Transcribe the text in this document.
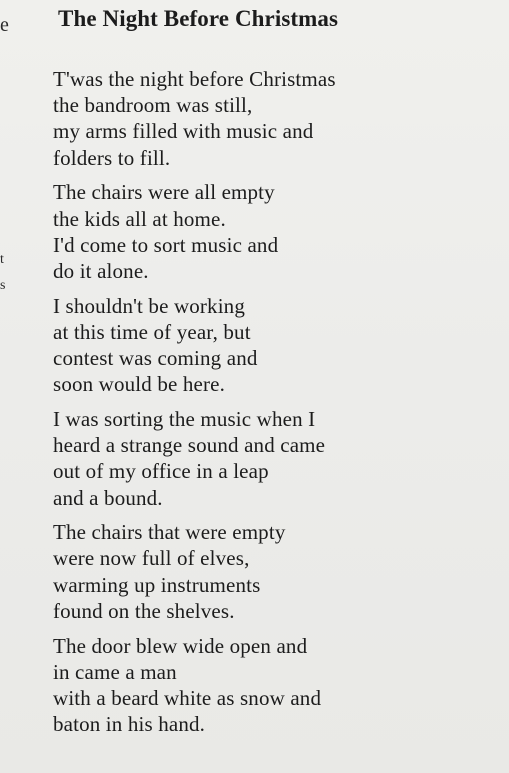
e
t
s
The Night Before Christmas
T'was the night before Christmas
the bandroom was still,
my arms filled with music and
folders to fill.
The chairs were all empty
the kids all at home.
I'd come to sort music and
do it alone.
I shouldn't be working
at this time of year, but
contest was coming and
soon would be here.
I was sorting the music when I
heard a strange sound and came
out of my office in a leap
and a bound.
The chairs that were empty
were now full of elves,
warming up instruments
found on the shelves.
The door blew wide open and
in came a man
with a beard white as snow and
baton in his hand.
